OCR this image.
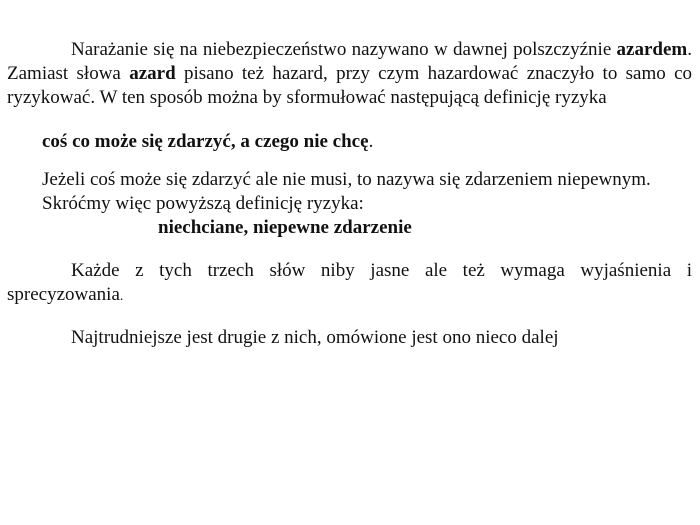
Narażanie się na niebezpieczeństwo nazywano w dawnej polszczyźnie azardem. Zamiast słowa azard pisano też hazard, przy czym hazardować znaczyło to samo co ryzykować. W ten sposób można by sformułować następującą definicję ryzyka

coś co może się zdarzyć, a czego nie chcę.

Jeżeli coś może się zdarzyć ale nie musi, to nazywa się zdarzeniem niepewnym.

Skróćmy więc powyższą definicję ryzyka:

niechciane, niepewne zdarzenie

Każde z tych trzech słów niby jasne ale też wymaga wyjaśnienia i sprecyzowania.

Najtrudniejsze jest drugie z nich, omówione jest ono nieco dalej
